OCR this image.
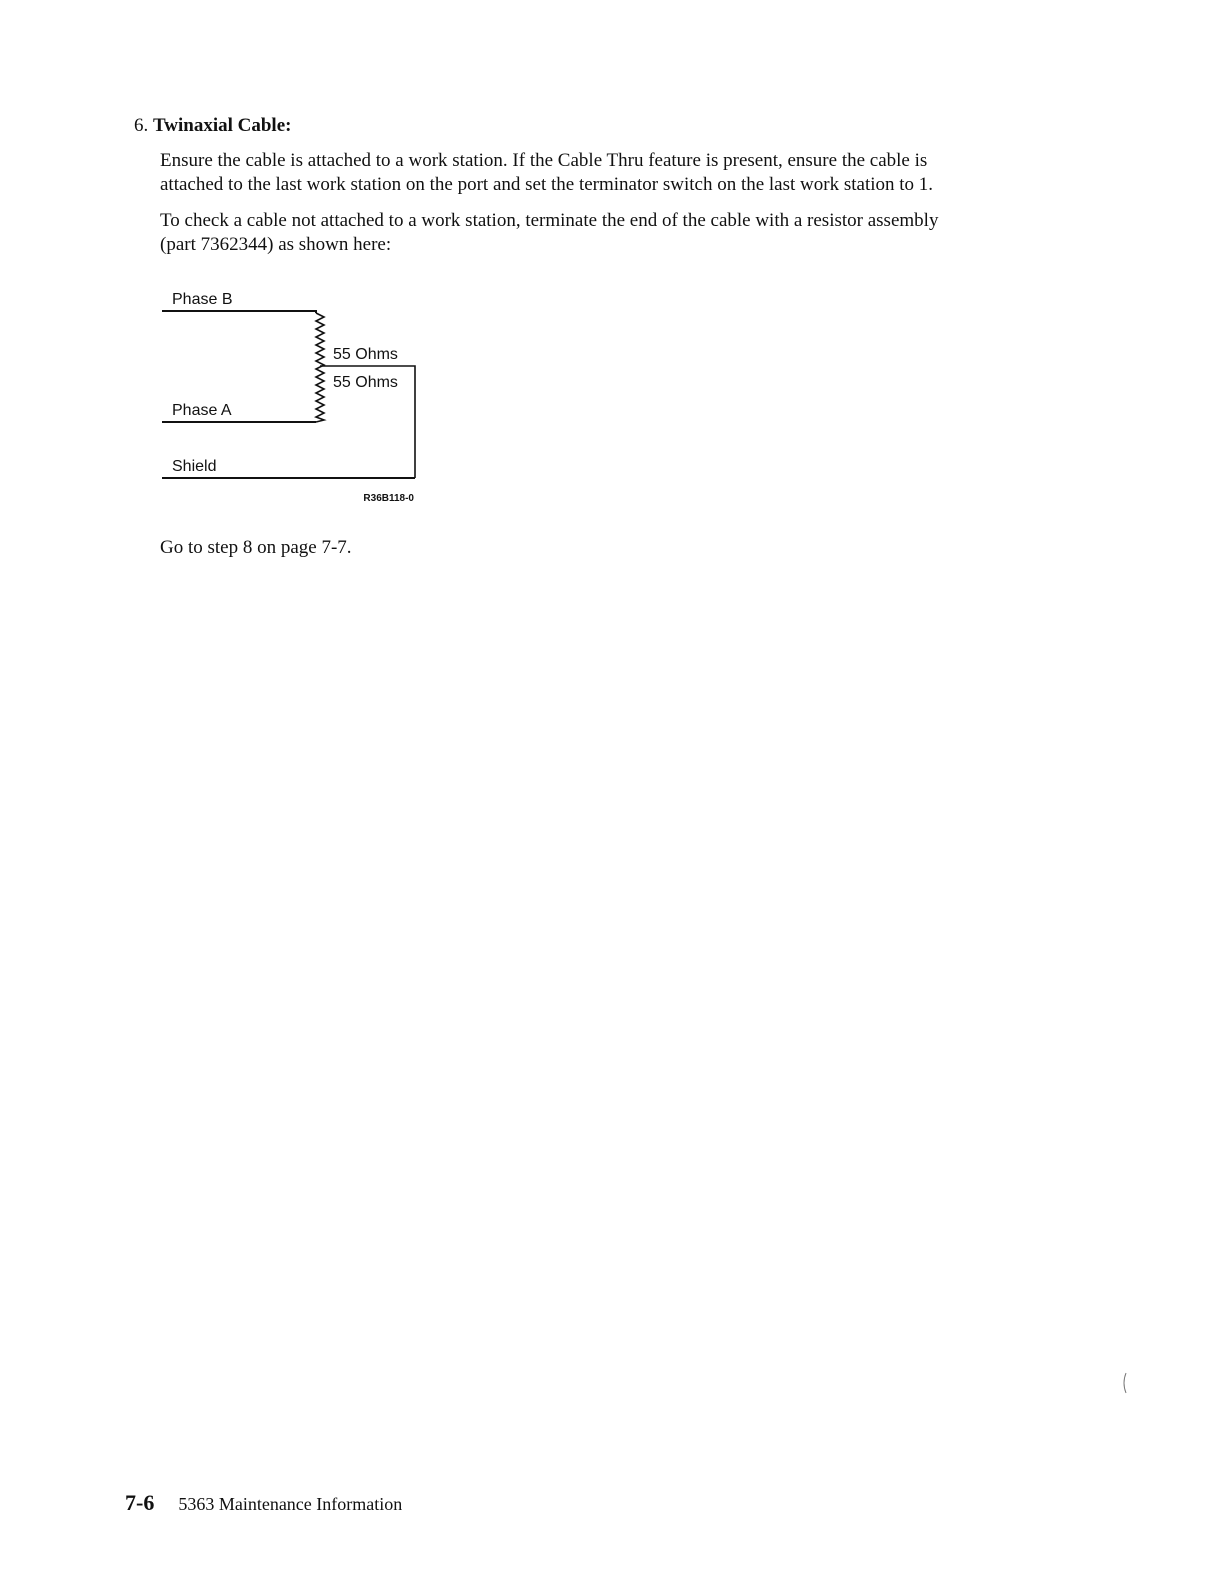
6. Twinaxial Cable:

Ensure the cable is attached to a work station. If the Cable Thru feature is present, ensure the cable is
attached to the last work station on the port and set the terminator switch on the last work station to 1.

To check a cable not attached to a work station, terminate the end of the cable with a resistor assembly
(part 7362344) as shown here:

Phase B
55 Ohms
55 Ohms
Phase A
Shield
R36B118-0

Go to step 8 on page 7-7.

7-6 5363 Maintenance Information
